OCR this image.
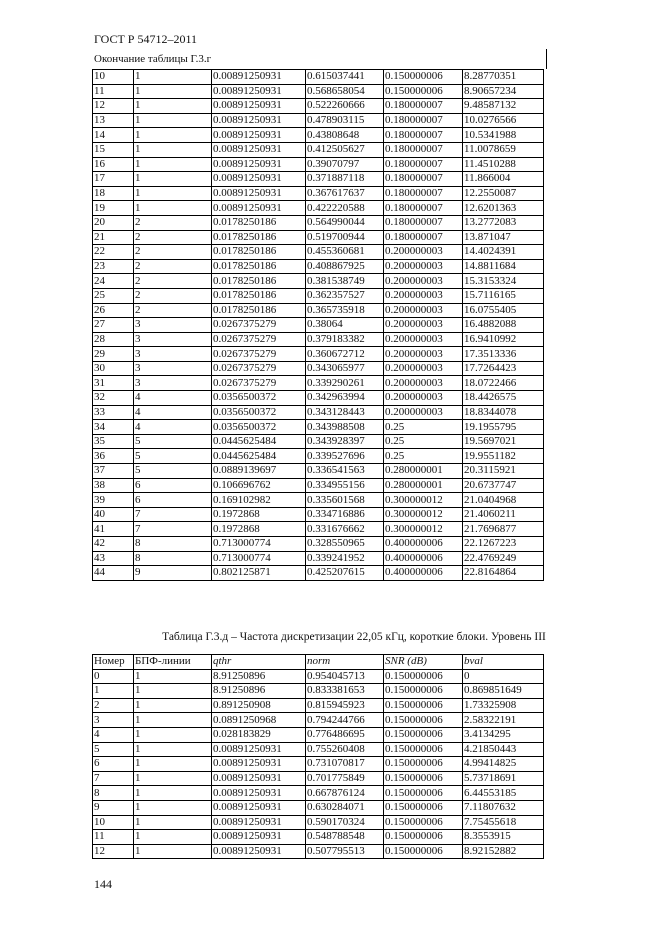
ГОСТ Р 54712–2011
Окончание таблицы Г.3.г
10	1	0.00891250931	0.615037441	0.150000006	8.28770351
11	1	0.00891250931	0.568658054	0.150000006	8.90657234
12	1	0.00891250931	0.522260666	0.180000007	9.48587132
13	1	0.00891250931	0.478903115	0.180000007	10.0276566
14	1	0.00891250931	0.43808648	0.180000007	10.5341988
15	1	0.00891250931	0.412505627	0.180000007	11.0078659
16	1	0.00891250931	0.39070797	0.180000007	11.4510288
17	1	0.00891250931	0.371887118	0.180000007	11.866004
18	1	0.00891250931	0.367617637	0.180000007	12.2550087
19	1	0.00891250931	0.422220588	0.180000007	12.6201363
20	2	0.0178250186	0.564990044	0.180000007	13.2772083
21	2	0.0178250186	0.519700944	0.180000007	13.871047
22	2	0.0178250186	0.455360681	0.200000003	14.4024391
23	2	0.0178250186	0.408867925	0.200000003	14.8811684
24	2	0.0178250186	0.381538749	0.200000003	15.3153324
25	2	0.0178250186	0.362357527	0.200000003	15.7116165
26	2	0.0178250186	0.365735918	0.200000003	16.0755405
27	3	0.0267375279	0.38064	0.200000003	16.4882088
28	3	0.0267375279	0.379183382	0.200000003	16.9410992
29	3	0.0267375279	0.360672712	0.200000003	17.3513336
30	3	0.0267375279	0.343065977	0.200000003	17.7264423
31	3	0.0267375279	0.339290261	0.200000003	18.0722466
32	4	0.0356500372	0.342963994	0.200000003	18.4426575
33	4	0.0356500372	0.343128443	0.200000003	18.8344078
34	4	0.0356500372	0.343988508	0.25	19.1955795
35	5	0.0445625484	0.343928397	0.25	19.5697021
36	5	0.0445625484	0.339527696	0.25	19.9551182
37	5	0.0889139697	0.336541563	0.280000001	20.3115921
38	6	0.106696762	0.334955156	0.280000001	20.6737747
39	6	0.169102982	0.335601568	0.300000012	21.0404968
40	7	0.1972868	0.334716886	0.300000012	21.4060211
41	7	0.1972868	0.331676662	0.300000012	21.7696877
42	8	0.713000774	0.328550965	0.400000006	22.1267223
43	8	0.713000774	0.339241952	0.400000006	22.4769249
44	9	0.802125871	0.425207615	0.400000006	22.8164864
Таблица Г.3.д – Частота дискретизации 22,05 кГц, короткие блоки. Уровень III
Номер	БПФ-линии	qthr	norm	SNR (dB)	bval
0	1	8.91250896	0.954045713	0.150000006	0
1	1	8.91250896	0.833381653	0.150000006	0.869851649
2	1	0.891250908	0.815945923	0.150000006	1.73325908
3	1	0.0891250968	0.794244766	0.150000006	2.58322191
4	1	0.028183829	0.776486695	0.150000006	3.4134295
5	1	0.00891250931	0.755260408	0.150000006	4.21850443
6	1	0.00891250931	0.731070817	0.150000006	4.99414825
7	1	0.00891250931	0.701775849	0.150000006	5.73718691
8	1	0.00891250931	0.667876124	0.150000006	6.44553185
9	1	0.00891250931	0.630284071	0.150000006	7.11807632
10	1	0.00891250931	0.590170324	0.150000006	7.75455618
11	1	0.00891250931	0.548788548	0.150000006	8.3553915
12	1	0.00891250931	0.507795513	0.150000006	8.92152882
144
